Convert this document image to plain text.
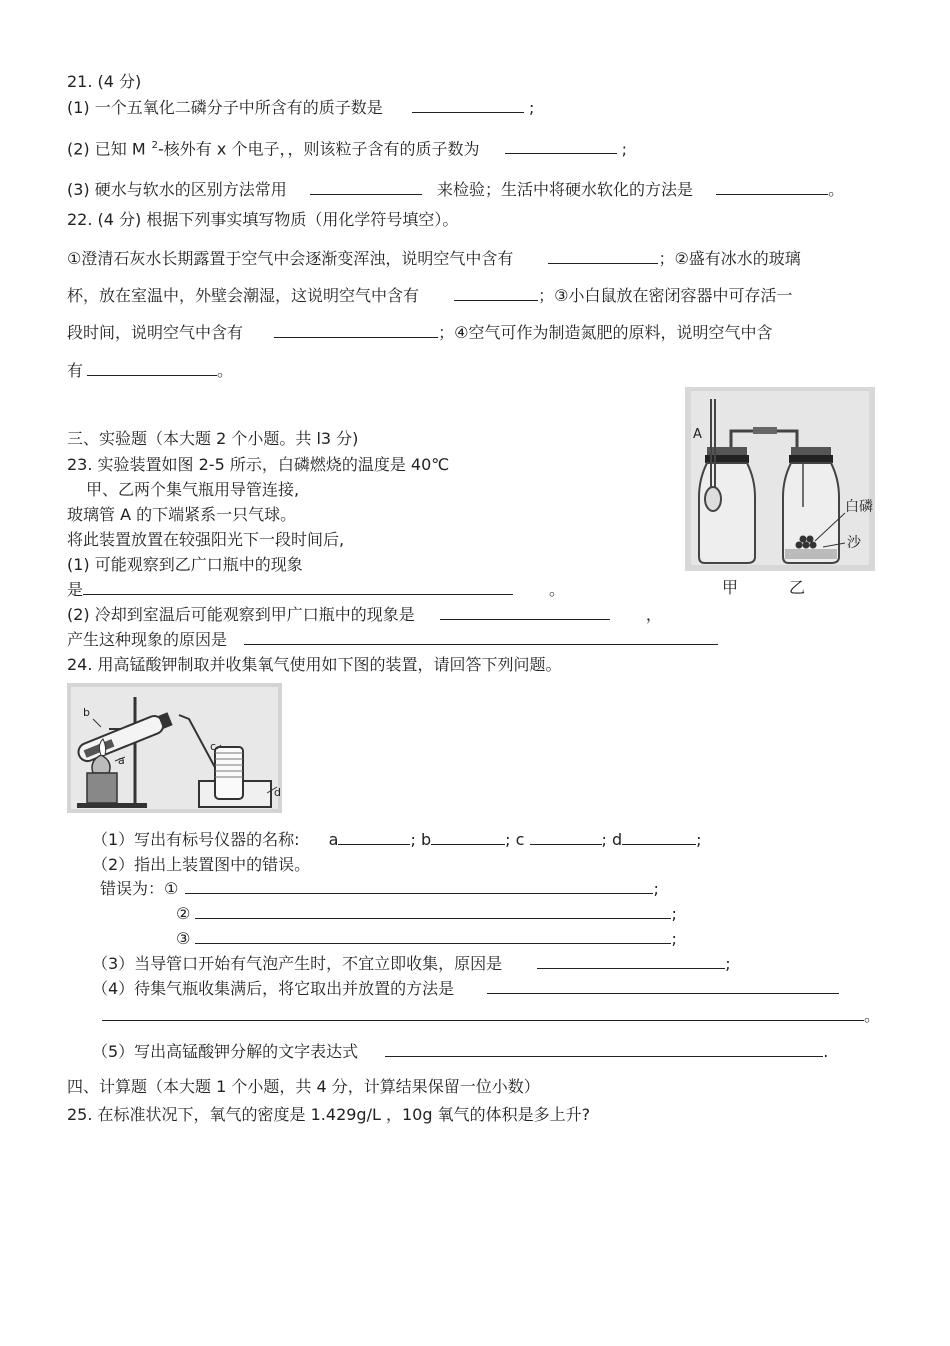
21. (4 分)
(1) 一个五氧化二磷分子中所含有的质子数是	;
(2) 已知 M $^2$-核外有 x 个电子，，则该粒子含有的质子数为	;
(3) 硬水与软水的区别方法常用	来检验；生活中将硬水软化的方法是	。
22. (4 分) 根据下列事实填写物质（用化学符号填空）。
①澄清石灰水长期露置于空气中会逐渐变浑浊，说明空气中含有	；②盛有冰水的玻璃
杯，放在室温中，外壁会潮湿，这说明空气中含有	；③小白鼠放在密闭容器中可存活一
段时间，说明空气中含有	；④空气可作为制造氮肥的原料，说明空气中含
有	。
A
白磷
沙
甲	乙
三、实验题（本大题 2 个小题。共 l3 分)
23. 实验装置如图 2-5 所示，白磷燃烧的温度是 40℃
甲、乙两个集气瓶用导管连接,
玻璃管 A 的下端紧系一只气球。
将此装置放置在较强阳光下一段时间后,
(1) 可能观察到乙广口瓶中的现象
是	。
(2) 冷却到室温后可能观察到甲广口瓶中的现象是	，
产生这种现象的原因是
24. 用高锰酸钾制取并收集氧气使用如下图的装置，请回答下列问题。
b
a
c
d
（1）写出有标号仪器的名称: a	; b	; c	; d	;
（2）指出上装置图中的错误。
错误为：①	;
②	;
③	;
（3）当导管口开始有气泡产生时，不宜立即收集，原因是	;
（4）待集气瓶收集满后，将它取出并放置的方法是
。
（5）写出高锰酸钾分解的文字表达式	.
四、计算题（本大题 1 个小题，共 4 分，计算结果保留一位小数）
25. 在标准状况下，氧气的密度是 1.429g/L ，10g 氧气的体积是多上升?
